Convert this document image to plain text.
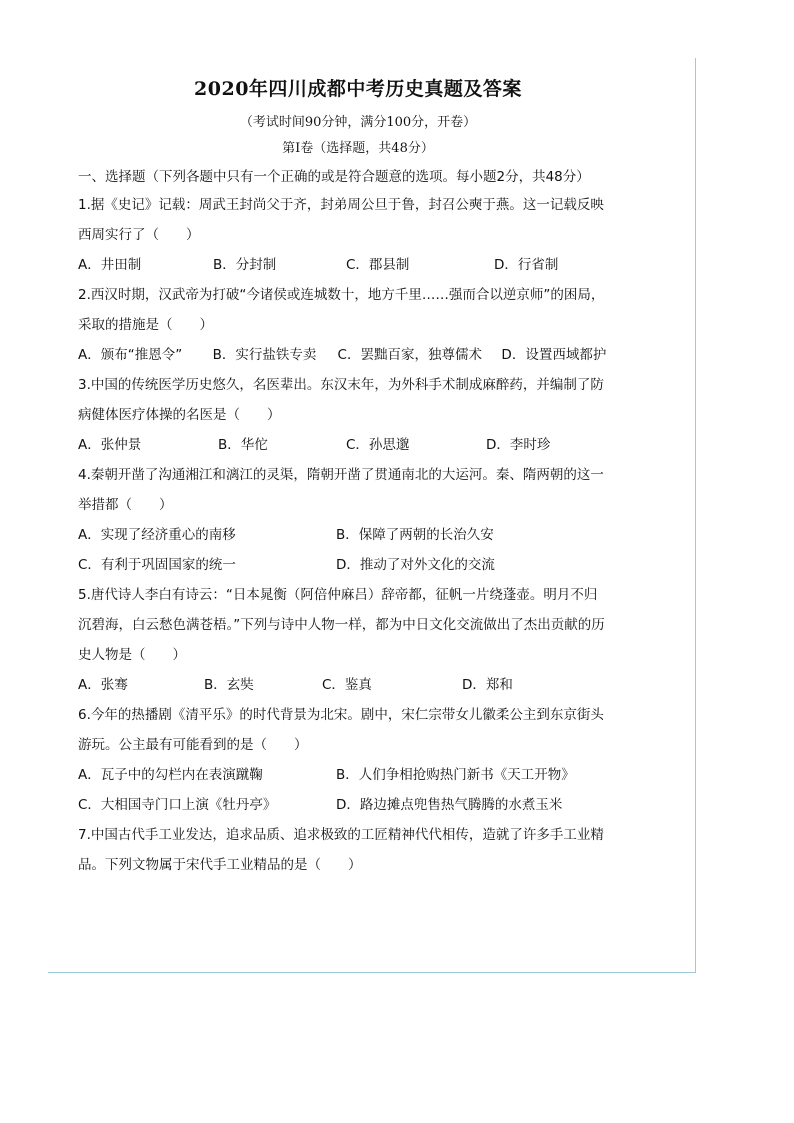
2020年四川成都中考历史真题及答案
（考试时间90分钟，满分100分，开卷）
第Ⅰ卷（选择题，共48分）
一、选择题（下列各题中只有一个正确的或是符合题意的选项。每小题2分，共48分）
1.据《史记》记载：周武王封尚父于齐，封弟周公旦于鲁，封召公奭于燕。这一记载反映
西周实行了（　　）
A．井田制	B．分封制	C．郡县制	D．行省制
2.西汉时期，汉武帝为打破“今诸侯或连城数十，地方千里……强而合以逆京师”的困局，
采取的措施是（　　）
A．颁布“推恩令”	B．实行盐铁专卖	C．罢黜百家，独尊儒术	D．设置西域都护
3.中国的传统医学历史悠久，名医辈出。东汉末年，为外科手术制成麻醉药，并编制了防
病健体医疗体操的名医是（　　）
A．张仲景	B．华佗	C．孙思邈	D．李时珍
4.秦朝开凿了沟通湘江和漓江的灵渠，隋朝开凿了贯通南北的大运河。秦、隋两朝的这一
举措都（　　）
A．实现了经济重心的南移	B．保障了两朝的长治久安
C．有利于巩固国家的统一	D．推动了对外文化的交流
5.唐代诗人李白有诗云：“日本晁衡（阿倍仲麻吕）辞帝都，征帆一片绕蓬壶。明月不归
沉碧海，白云愁色满苍梧。”下列与诗中人物一样，都为中日文化交流做出了杰出贡献的历
史人物是（　　）
A．张骞	B．玄奘	C．鉴真	D．郑和
6.今年的热播剧《清平乐》的时代背景为北宋。剧中，宋仁宗带女儿徽柔公主到东京街头
游玩。公主最有可能看到的是（　　）
A．瓦子中的勾栏内在表演蹴鞠	B．人们争相抢购热门新书《天工开物》
C．大相国寺门口上演《牡丹亭》	D．路边摊点兜售热气腾腾的水煮玉米
7.中国古代手工业发达，追求品质、追求极致的工匠精神代代相传，造就了许多手工业精
品。下列文物属于宋代手工业精品的是（　　）
